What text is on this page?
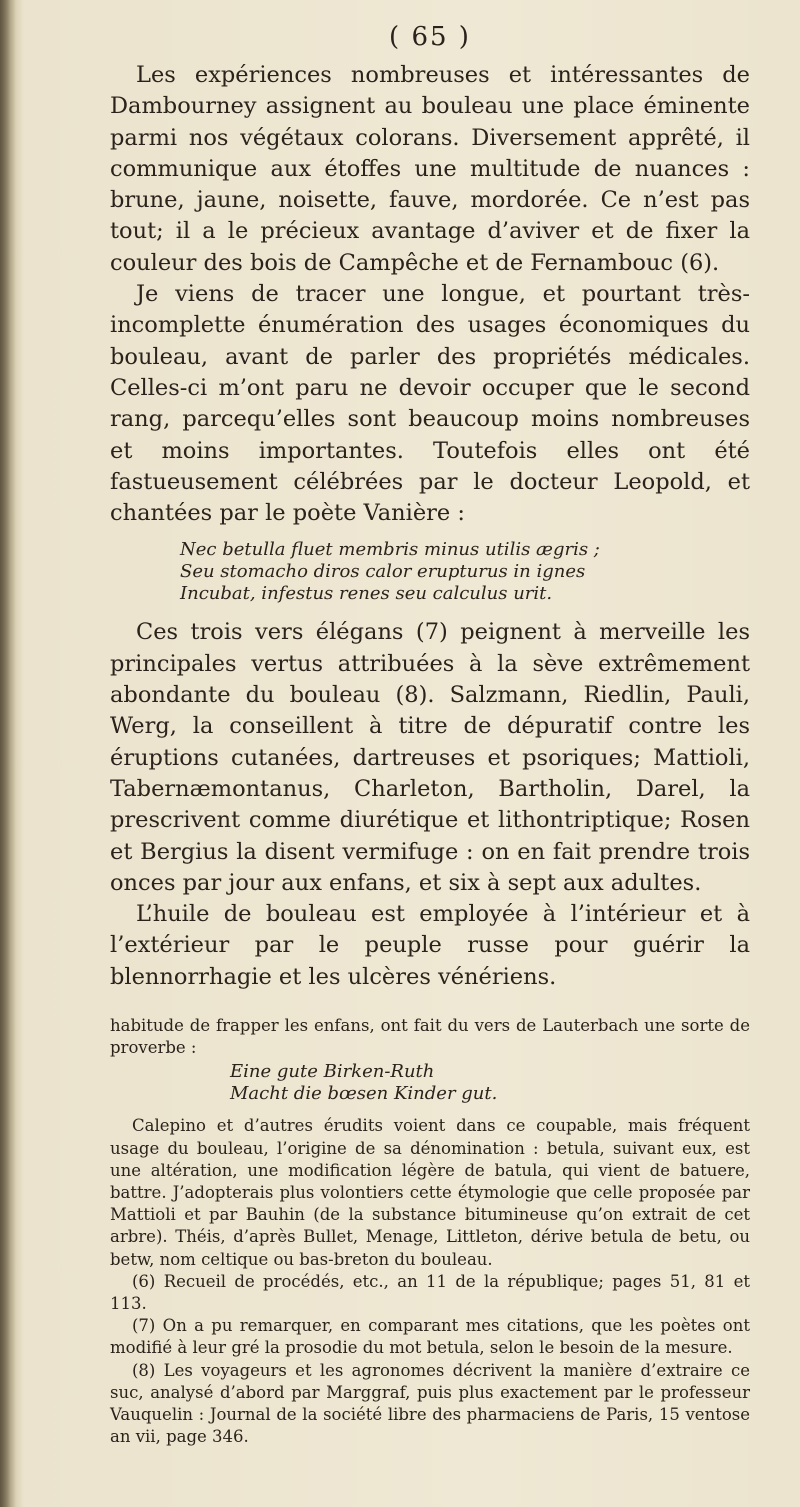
( 65 )

Les expériences nombreuses et intéressantes de Dambourney assignent au bouleau une place éminente parmi nos végétaux colorans. Diversement apprêté, il communique aux étoffes une multitude de nuances : brune, jaune, noisette, fauve, mordorée. Ce n’est pas tout; il a le précieux avantage d’aviver et de fixer la couleur des bois de Campêche et de Fernambouc (6).

Je viens de tracer une longue, et pourtant très-incomplette énumération des usages économiques du bouleau, avant de parler des propriétés médicales. Celles-ci m’ont paru ne devoir occuper que le second rang, parcequ’elles sont beaucoup moins nombreuses et moins importantes. Toutefois elles ont été fastueusement célébrées par le docteur Leopold, et chantées par le poète Vanière :

Nec betulla fluet membris minus utilis ægris ;
Seu stomacho diros calor erupturus in ignes
Incubat, infestus renes seu calculus urit.

Ces trois vers élégans (7) peignent à merveille les principales vertus attribuées à la sève extrêmement abondante du bouleau (8). Salzmann, Riedlin, Pauli, Werg, la conseillent à titre de dépuratif contre les éruptions cutanées, dartreuses et psoriques; Mattioli, Tabernæmontanus, Charleton, Bartholin, Darel, la prescrivent comme diurétique et lithontriptique; Rosen et Bergius la disent vermifuge : on en fait prendre trois onces par jour aux enfans, et six à sept aux adultes.

L’huile de bouleau est employée à l’intérieur et à l’extérieur par le peuple russe pour guérir la blennorrhagie et les ulcères vénériens.

habitude de frapper les enfans, ont fait du vers de Lauterbach une sorte de proverbe :

Eine gute Birken-Ruth
Macht die bœsen Kinder gut.

Calepino et d’autres érudits voient dans ce coupable, mais fréquent usage du bouleau, l’origine de sa dénomination : betula, suivant eux, est une altération, une modification légère de batula, qui vient de batuere, battre. J’adopterais plus volontiers cette étymologie que celle proposée par Mattioli et par Bauhin (de la substance bitumineuse qu’on extrait de cet arbre). Théis, d’après Bullet, Menage, Littleton, dérive betula de betu, ou betw, nom celtique ou bas-breton du bouleau.

(6) Recueil de procédés, etc., an 11 de la république; pages 51, 81 et 113.

(7) On a pu remarquer, en comparant mes citations, que les poètes ont modifié à leur gré la prosodie du mot betula, selon le besoin de la mesure.

(8) Les voyageurs et les agronomes décrivent la manière d’extraire ce suc, analysé d’abord par Marggraf, puis plus exactement par le professeur Vauquelin : Journal de la société libre des pharmaciens de Paris, 15 ventose an vii, page 346.
